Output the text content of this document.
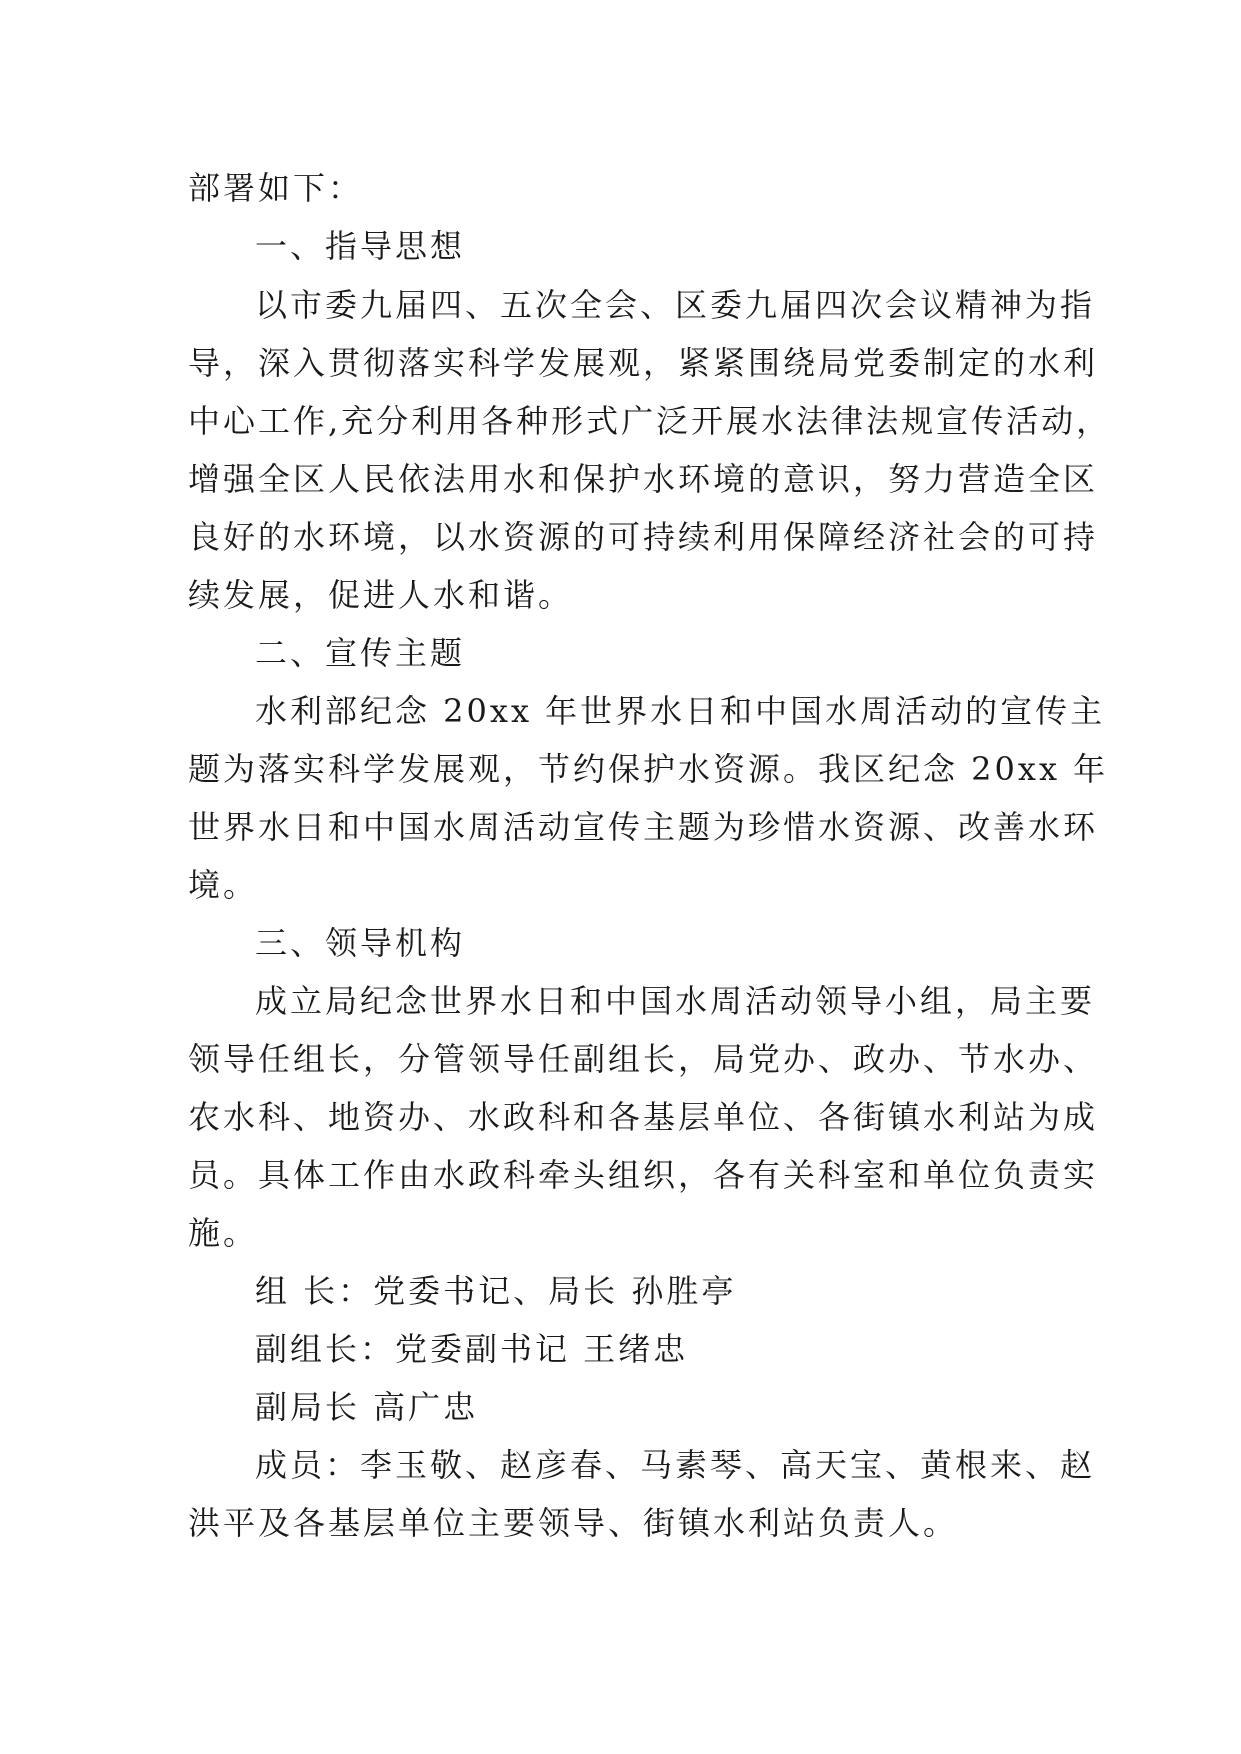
部署如下：
一、指导思想
以市委九届四、五次全会、区委九届四次会议精神为指
导，深入贯彻落实科学发展观，紧紧围绕局党委制定的水利
中心工作,充分利用各种形式广泛开展水法律法规宣传活动，
增强全区人民依法用水和保护水环境的意识，努力营造全区
良好的水环境，以水资源的可持续利用保障经济社会的可持
续发展，促进人水和谐。
二、宣传主题
水利部纪念 20xx 年世界水日和中国水周活动的宣传主
题为落实科学发展观，节约保护水资源。我区纪念 20xx 年
世界水日和中国水周活动宣传主题为珍惜水资源、改善水环
境。
三、领导机构
成立局纪念世界水日和中国水周活动领导小组，局主要
领导任组长，分管领导任副组长，局党办、政办、节水办、
农水科、地资办、水政科和各基层单位、各街镇水利站为成
员。具体工作由水政科牵头组织，各有关科室和单位负责实
施。
组 长：党委书记、局长 孙胜亭
副组长：党委副书记 王绪忠
副局长 高广忠
成员：李玉敬、赵彦春、马素琴、高天宝、黄根来、赵
洪平及各基层单位主要领导、街镇水利站负责人。
